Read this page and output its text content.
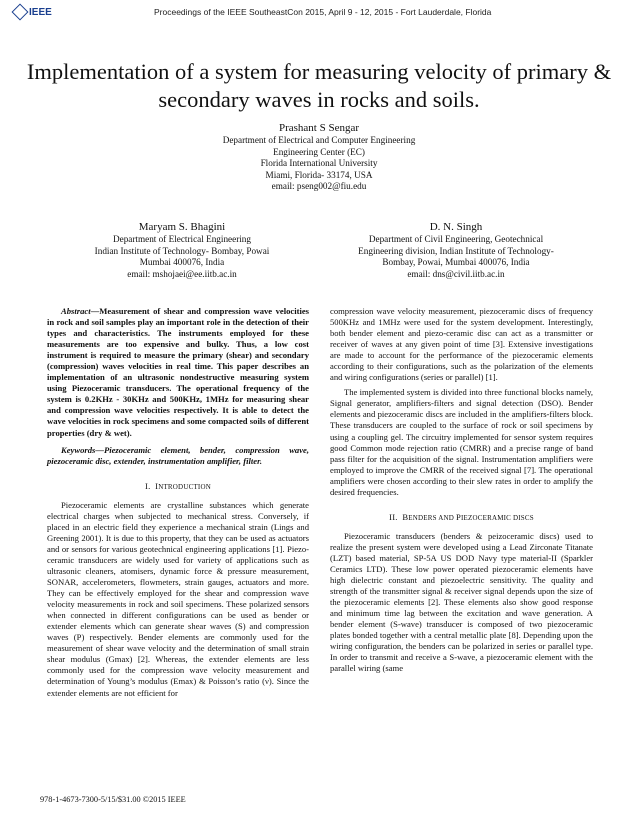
IEEE	Proceedings of the IEEE SoutheastCon 2015, April 9 - 12, 2015 - Fort Lauderdale, Florida
Implementation of a system for measuring velocity of primary & secondary waves in rocks and soils.
Prashant S Sengar
Department of Electrical and Computer Engineering
Engineering Center (EC)
Florida International University
Miami, Florida- 33174, USA
email: pseng002@fiu.edu
Maryam S. Bhagini
Department of Electrical Engineering
Indian Institute of Technology- Bombay, Powai
Mumbai 400076, India
email: mshojaei@ee.iitb.ac.in
D. N. Singh
Department of Civil Engineering, Geotechnical
Engineering division, Indian Institute of Technology-
Bombay, Powai, Mumbai 400076, India
email: dns@civil.iitb.ac.in

Abstract—Measurement of shear and compression wave velocities in rock and soil samples play an important role in the detection of their types and characteristics. The instruments employed for these measurements are too expensive and bulky. Thus, a low cost instrument is required to measure the primary (shear) and secondary (compression) waves velocities in real time. This paper describes an implementation of an ultrasonic nondestructive measuring system using Piezoceramic transducers. The operational frequency of the system is 0.2KHz - 30KHz and 500KHz, 1MHz for measuring shear and compression wave velocities respectively. It is able to detect the wave velocities in rock specimens and some compacted soils of different properties (dry & wet).

Keywords—Piezoceramic element, bender, compression wave, piezoceramic disc, extender, instrumentation amplifier, filter.

I. INTRODUCTION

Piezoceramic elements are crystalline substances which generate electrical charges when subjected to mechanical stress. Conversely, if placed in an electric field they experience a mechanical strain (Lings and Greening 2001). It is due to this property, that they can be used as actuators and or sensors for various geotechnical engineering applications [1]. Piezo-ceramic transducers are widely used for variety of applications such as ultrasonic cleaners, atomisers, dynamic force & pressure measurement, SONAR, accelerometers, flowmeters, strain gauges, actuators and more. They can be effectively employed for the shear and compression wave velocity measurements in rock and soil specimens. These polarized sensors when connected in different configurations can be used as bender or extender elements which can generate shear waves (S) and compression waves (P) respectively. Bender elements are commonly used for the measurement of shear wave velocity and the determination of small strain shear modulus (Gmax) [2]. Whereas, the extender elements are less commonly used for the compression wave velocity measurement and determination of Young’s modulus (Emax) & Poisson’s ratio (ν). Since the extender elements are not efficient for

compression wave velocity measurement, piezoceramic discs of frequency 500KHz and 1MHz were used for the system development. Interestingly, both bender element and piezo-ceramic disc can act as a transmitter or receiver of waves at any given point of time [3]. Extensive investigations are made to account for the performance of the piezoceramic elements according to their configurations, such as the polarization of the elements and wiring configurations (series or parallel) [1].

The implemented system is divided into three functional blocks namely, Signal generator, amplifiers-filters and signal detection (DSO). Bender elements and piezoceramic discs are included in the amplifiers-filters block. These transducers are coupled to the surface of rock or soil specimens by using a coupling gel. The circuitry implemented for sensor system requires good Common mode rejection ratio (CMRR) and a precise range of band pass filter for the acquisition of the signal. Instrumentation amplifiers were employed to improve the CMRR of the received signal [7]. The operational amplifiers were chosen according to their slew rates in order to amplify the desired frequencies.

II. BENDERS AND PIEZOCERAMIC DISCS

Piezoceramic transducers (benders & peizoceramic discs) used to realize the present system were developed using a Lead Zirconate Titanate (LZT) based material, SP-5A US DOD Navy type material-II (Sparkler Ceramics LTD). These low power operated piezoceramic elements have high dielectric constant and piezoelectric sensitivity. The quality and strength of the transmitter signal & receiver signal depends upon the size of the piezoceramic elements [2]. These elements also show good response and minimum time lag between the excitation and wave generation. A bender element (S-wave) transducer is composed of two piezoceramic plates bonded together with a central metallic plate [8]. Depending upon the wiring configuration, the benders can be polarized in series or parallel type. In order to transmit and receive a S-wave, a piezoceramic element with the parallel wiring (same

978-1-4673-7300-5/15/$31.00 ©2015 IEEE
